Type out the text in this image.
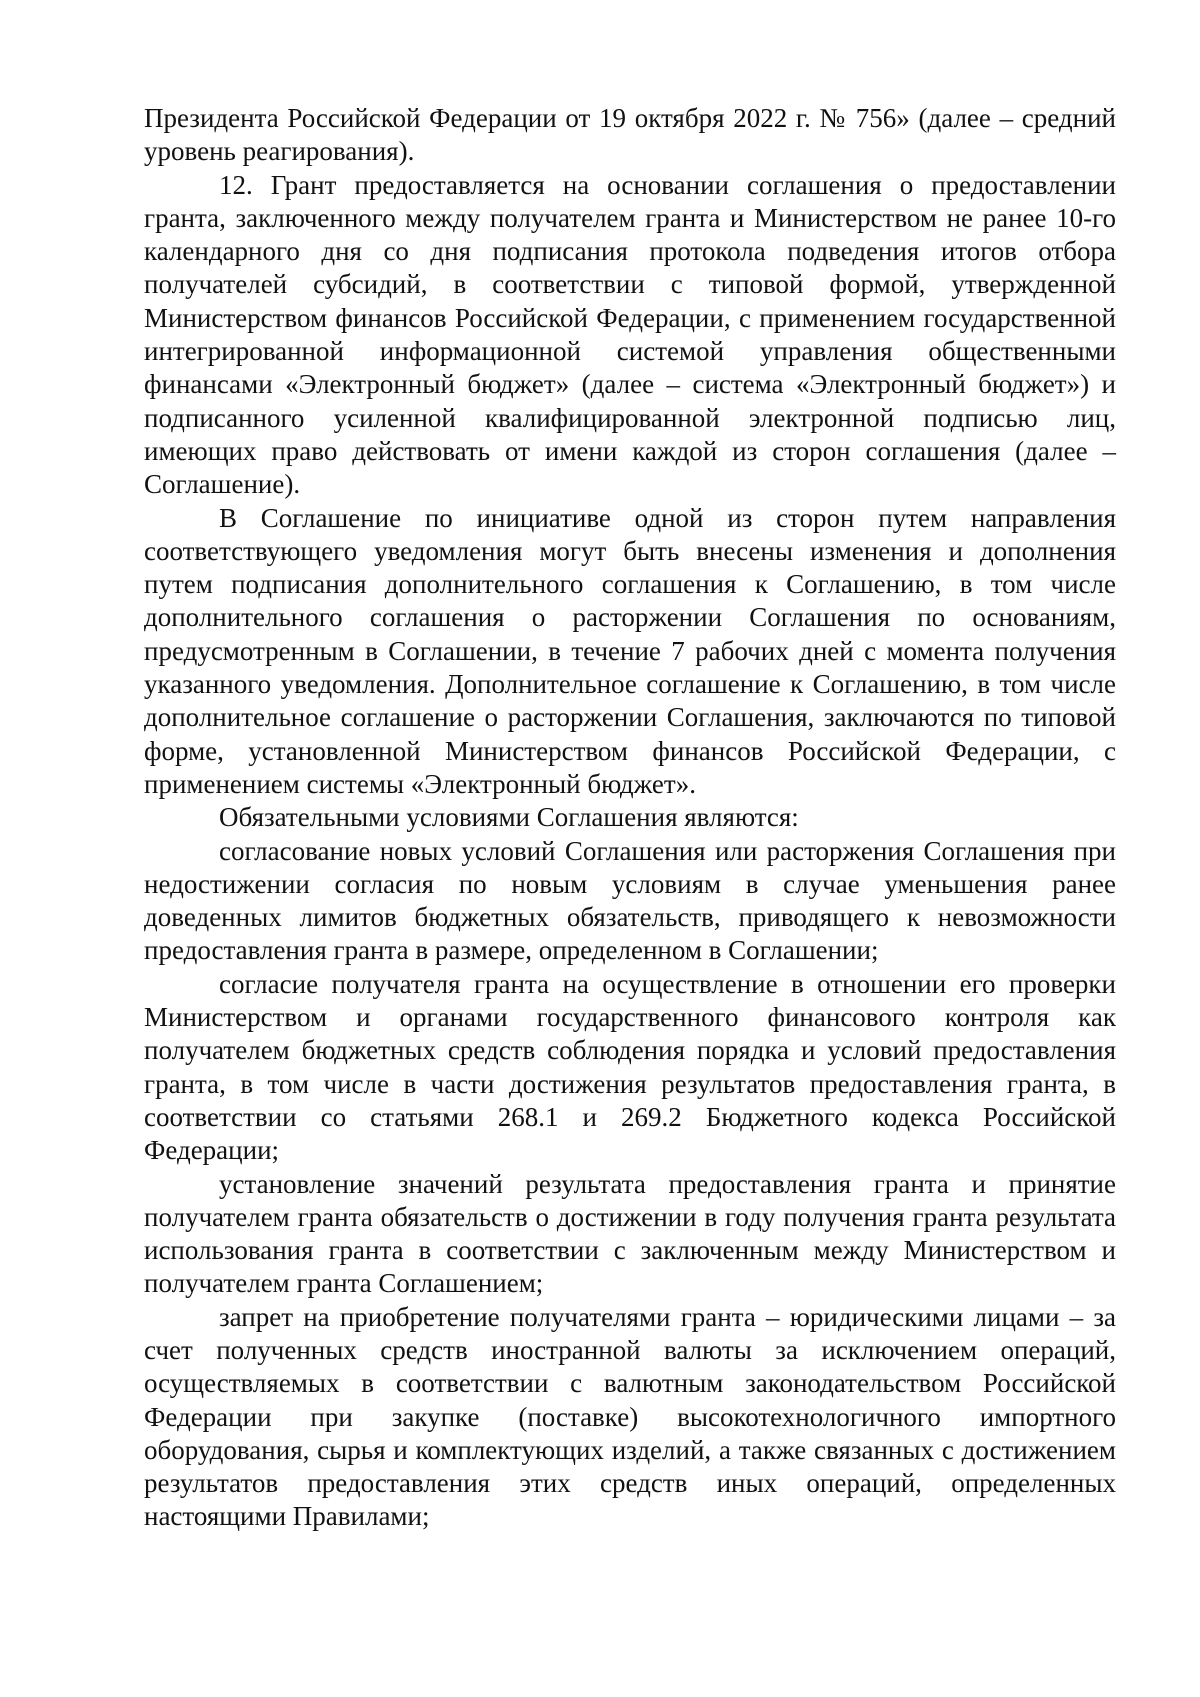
Президента Российской Федерации от 19 октября 2022 г. № 756» (далее – средний уровень реагирования).

12. Грант предоставляется на основании соглашения о предоставлении гранта, заключенного между получателем гранта и Министерством не ранее 10-го календарного дня со дня подписания протокола подведения итогов отбора получателей субсидий, в соответствии с типовой формой, утвержденной Министерством финансов Российской Федерации, с применением государственной интегрированной информационной системой управления общественными финансами «Электронный бюджет» (далее – система «Электронный бюджет») и подписанного усиленной квалифицированной электронной подписью лиц, имеющих право действовать от имени каждой из сторон соглашения (далее – Соглашение).

В Соглашение по инициативе одной из сторон путем направления соответствующего уведомления могут быть внесены изменения и дополнения путем подписания дополнительного соглашения к Соглашению, в том числе дополнительного соглашения о расторжении Соглашения по основаниям, предусмотренным в Соглашении, в течение 7 рабочих дней с момента получения указанного уведомления. Дополнительное соглашение к Соглашению, в том числе дополнительное соглашение о расторжении Соглашения, заключаются по типовой форме, установленной Министерством финансов Российской Федерации, с применением системы «Электронный бюджет».

Обязательными условиями Соглашения являются:

согласование новых условий Соглашения или расторжения Соглашения при недостижении согласия по новым условиям в случае уменьшения ранее доведенных лимитов бюджетных обязательств, приводящего к невозможности предоставления гранта в размере, определенном в Соглашении;

согласие получателя гранта на осуществление в отношении его проверки Министерством и органами государственного финансового контроля как получателем бюджетных средств соблюдения порядка и условий предоставления гранта, в том числе в части достижения результатов предоставления гранта, в соответствии со статьями 268.1 и 269.2 Бюджетного кодекса Российской Федерации;

установление значений результата предоставления гранта и принятие получателем гранта обязательств о достижении в году получения гранта результата использования гранта в соответствии с заключенным между Министерством и получателем гранта Соглашением;

запрет на приобретение получателями гранта – юридическими лицами – за счет полученных средств иностранной валюты за исключением операций, осуществляемых в соответствии с валютным законодательством Российской Федерации при закупке (поставке) высокотехнологичного импортного оборудования, сырья и комплектующих изделий, а также связанных с достижением результатов предоставления этих средств иных операций, определенных настоящими Правилами;
